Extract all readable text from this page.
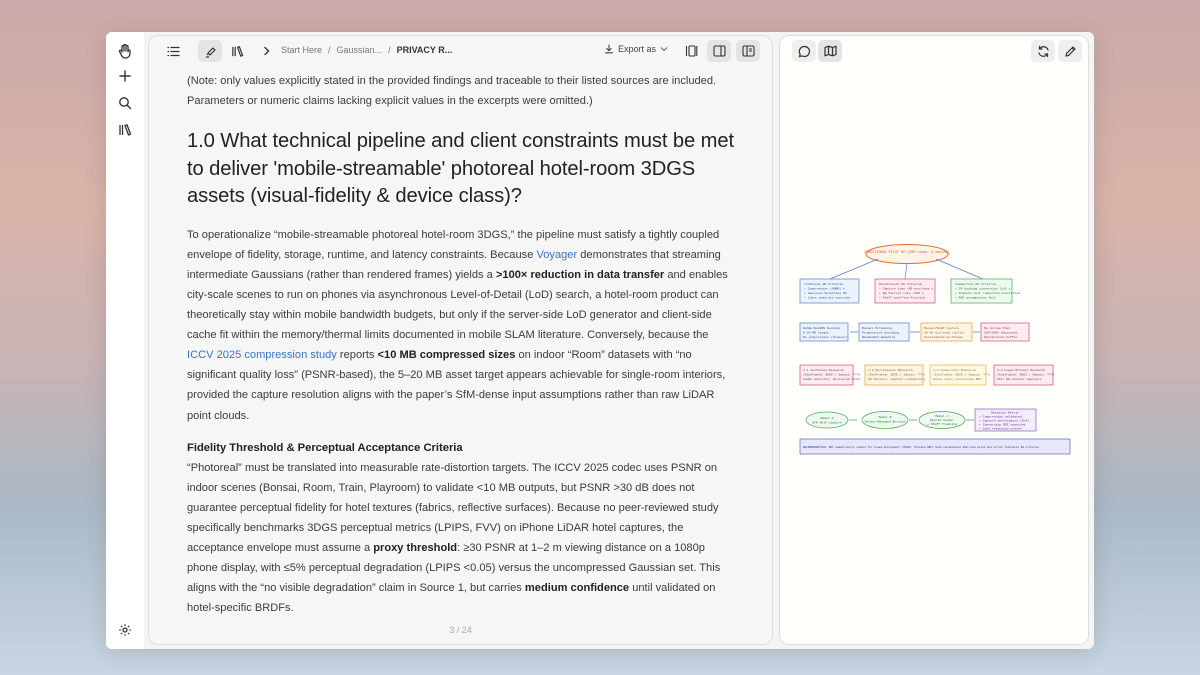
Start Here / Gaussian... / PRIVACY R...	Export as

(Note: only values explicitly stated in the provided findings and traceable to their listed sources are included. Parameters or numeric claims lacking explicit values in the excerpts were omitted.)

1.0 What technical pipeline and client constraints must be met to deliver 'mobile-streamable' photoreal hotel-room 3DGS assets (visual-fidelity & device class)?

To operationalize “mobile-streamable photoreal hotel-room 3DGS,” the pipeline must satisfy a tightly coupled envelope of fidelity, storage, runtime, and latency constraints. Because Voyager demonstrates that streaming intermediate Gaussians (rather than rendered frames) yields a >100× reduction in data transfer and enables city-scale scenes to run on phones via asynchronous Level-of-Detail (LoD) search, a hotel-room product can theoretically stay within mobile bandwidth budgets, but only if the server-side LoD generator and client-side cache fit within the memory/thermal limits documented in mobile SLAM literature. Conversely, because the ICCV 2025 compression study reports <10 MB compressed sizes on indoor “Room” datasets with “no significant quality loss” (PSNR-based), the 5–20 MB asset target appears achievable for single-room interiors, provided the capture resolution aligns with the paper’s SfM-dense input assumptions rather than raw LiDAR point clouds.

Fidelity Threshold & Perceptual Acceptance Criteria

“Photoreal” must be translated into measurable rate-distortion targets. The ICCV 2025 codec uses PSNR on indoor scenes (Bonsai, Room, Train, Playroom) to validate <10 MB outputs, but PSNR >30 dB does not guarantee perceptual fidelity for hotel textures (fabrics, reflective surfaces). Because no peer-reviewed study specifically benchmarks 3DGS perceptual metrics (LPIPS, FVV) on iPhone LiDAR hotel captures, the acceptance envelope must assume a proxy threshold: ≥30 PSNR at 1–2 m viewing distance on a 1080p phone display, with ≤5% perceptual degradation (LPIPS <0.05) versus the uncompressed Gaussian set. This aligns with the “no visible degradation” claim in Source 1, but carries medium confidence until validated on hotel-specific BRDFs.

3 / 24
CONDITIONAL PILOT GO (200 rooms, 6 months)
Technical GO Criteria
• Compression (ADMM) ✕
• Gaussian Splatting OK
• Codec maturity unproven
Operational GO Criteria
• Capture time <60 min/room ✕
• QA failure rate <10% ✕
• Staff workflow friction
Commercial GO Criteria
• 2% booking conversion lift ✕
• Organic cost reduction unverified
• ROI assumptions fail
WebGL/WebGPU Desktop
5-20 MB target
No compression (browser)
Manual Streaming
Progressive decoding
Bandwidth-adaptive
Manual/NeRF Capture
30-60 min/room (split)
Unvalidated workflows
No Follow Plan
200-500k Gaussians
Operational buffer
4.1 Technical Research
(Keyframed: 3DGS | Impact: ???)
Codec maturity; delivered tests
4.2 Operational Research
(Keyframed: 3DGS | Impact: ???)
QA failure; capture reliability
4.3 Commercial Research
(Keyframed: 3DGS | Impact: ???)
Hotel cost; conversion ROI
4.4 Legal/Privacy Research
(Keyframed: 3DGS | Impact: ???)
PII; EU consent exposure
Model A
SfM Self-Capture
Model B
Vendor-Managed Service
Model C
Hybrid Vendor
+ Staff Training
Decision Matrix
• Compression validated
• Capture performance (SLA)
• Conversion ROI expected
• Cost reduction proven
RECOMMENDATION: NOT commercially viable for broad deployment (YEAR). Proceed ONLY with conditional 200-room pilot and strict technical GO criteria.
